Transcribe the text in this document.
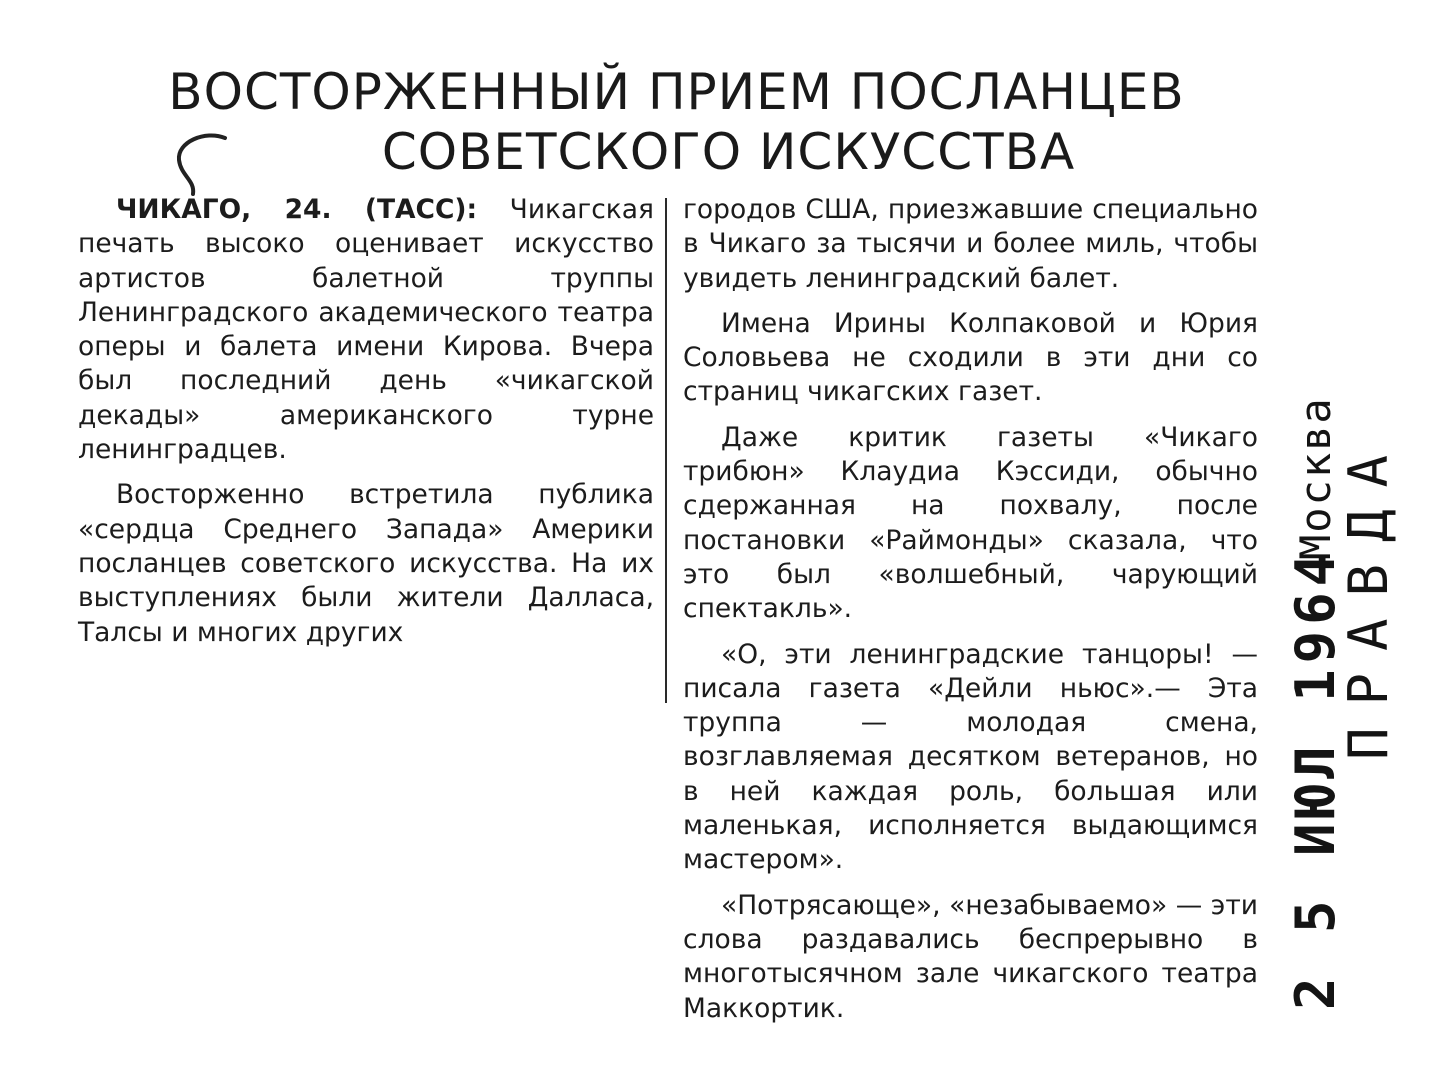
ВОСТОРЖЕННЫЙ ПРИЕМ ПОСЛАНЦЕВ
СОВЕТСКОГО ИСКУССТВА

ЧИКАГО, 24. (ТАСС): Чикагская печать высоко оценивает искусство артистов балетной труппы Ленинградского академического театра оперы и балета имени Кирова. Вчера был последний день «чикагской декады» американского турне ленинградцев.

Восторженно встретила публика «сердца Среднего Запада» Америки посланцев советского искусства. На их выступлениях были жители Далласа, Талсы и многих других

городов США, приезжавшие специально в Чикаго за тысячи и более миль, чтобы увидеть ленинградский балет.

Имена Ирины Колпаковой и Юрия Соловьева не сходили в эти дни со страниц чикагских газет.

Даже критик газеты «Чикаго трибюн» Клаудиа Кэссиди, обычно сдержанная на похвалу, после постановки «Раймонды» сказала, что это был «волшебный, чарующий спектакль».

«О, эти ленинградские танцоры! — писала газета «Дейли ньюс».— Эта труппа — молодая смена, возглавляемая десятком ветеранов, но в ней каждая роль, большая или маленькая, исполняется выдающимся мастером».

«Потрясающе», «незабываемо» — эти слова раздавались беспрерывно в многотысячном зале чикагского театра Маккортик.

ПРАВДА
Москва
2 5 ИЮЛ 1964
